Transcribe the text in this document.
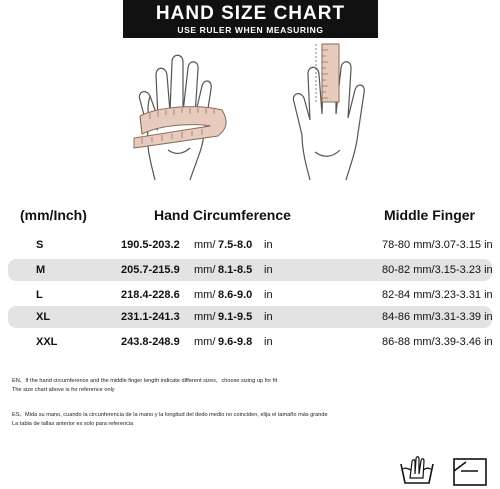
HAND SIZE CHART
USE RULER WHEN MEASURING
(mm/Inch)	Hand Circumference	Middle Finger
S	190.5-203.2 mm/ 7.5-8.0 in	78-80 mm/3.07-3.15 in
M	205.7-215.9 mm/ 8.1-8.5 in	80-82 mm/3.15-3.23 in
L	218.4-228.6 mm/ 8.6-9.0 in	82-84 mm/3.23-3.31 in
XL	231.1-241.3 mm/ 9.1-9.5 in	84-86 mm/3.31-3.39 in
XXL	243.8-248.9 mm/ 9.6-9.8 in	86-88 mm/3.39-3.46 in
EN、If the hand circumference and the middle finger length indicate different sizes，choose sizing up for fit
The size chart above is for reference only
ES、Mida su mano, cuando la circunferencia de la mano y la longitud del dedo medio no coinciden, elija el tamaño más grande
La tabla de tallas anterior es solo para referencia
